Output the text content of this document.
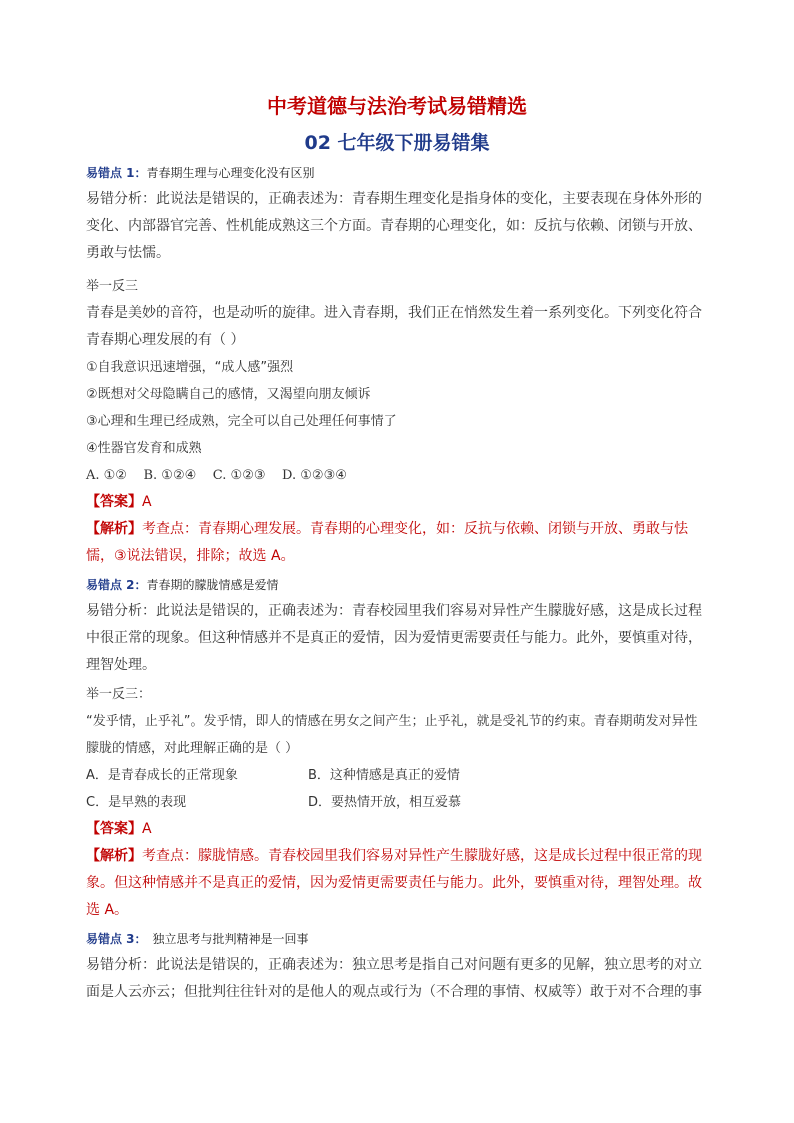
中考道德与法治考试易错精选
02 七年级下册易错集
易错点 1：青春期生理与心理变化没有区别

易错分析：此说法是错误的，正确表述为：青春期生理变化是指身体的变化，主要表现在身体外形的变化、内部器官完善、性机能成熟这三个方面。青春期的心理变化，如：反抗与依赖、闭锁与开放、勇敢与怯懦。

举一反三

青春是美妙的音符，也是动听的旋律。进入青春期，我们正在悄然发生着一系列变化。下列变化符合青春期心理发展的有（ ）

①自我意识迅速增强，“成人感”强烈
②既想对父母隐瞒自己的感情，又渴望向朋友倾诉
③心理和生理已经成熟，完全可以自己处理任何事情了
④性器官发育和成熟
A. ①②    B. ①②④    C. ①②③    D. ①②③④
【答案】A
【解析】考查点：青春期心理发展。青春期的心理变化，如：反抗与依赖、闭锁与开放、勇敢与怯懦，③说法错误，排除；故选 A。
易错点 2：青春期的朦胧情感是爱情

易错分析：此说法是错误的，正确表述为：青春校园里我们容易对异性产生朦胧好感，这是成长过程中很正常的现象。但这种情感并不是真正的爱情，因为爱情更需要责任与能力。此外，要慎重对待，理智处理。

举一反三：

“发乎情，止乎礼”。发乎情，即人的情感在男女之间产生；止乎礼，就是受礼节的约束。青春期萌发对异性朦胧的情感，对此理解正确的是（ ）

A．是青春成长的正常现象	B．这种情感是真正的爱情
C．是早熟的表现	D．要热情开放，相互爱慕
【答案】A
【解析】考查点：朦胧情感。青春校园里我们容易对异性产生朦胧好感，这是成长过程中很正常的现象。但这种情感并不是真正的爱情，因为爱情更需要责任与能力。此外，要慎重对待，理智处理。故选 A。
易错点 3： 独立思考与批判精神是一回事

易错分析：此说法是错误的，正确表述为：独立思考是指自己对问题有更多的见解，独立思考的对立面是人云亦云；但批判往往针对的是他人的观点或行为（不合理的事情、权威等）敢于对不合理的事
